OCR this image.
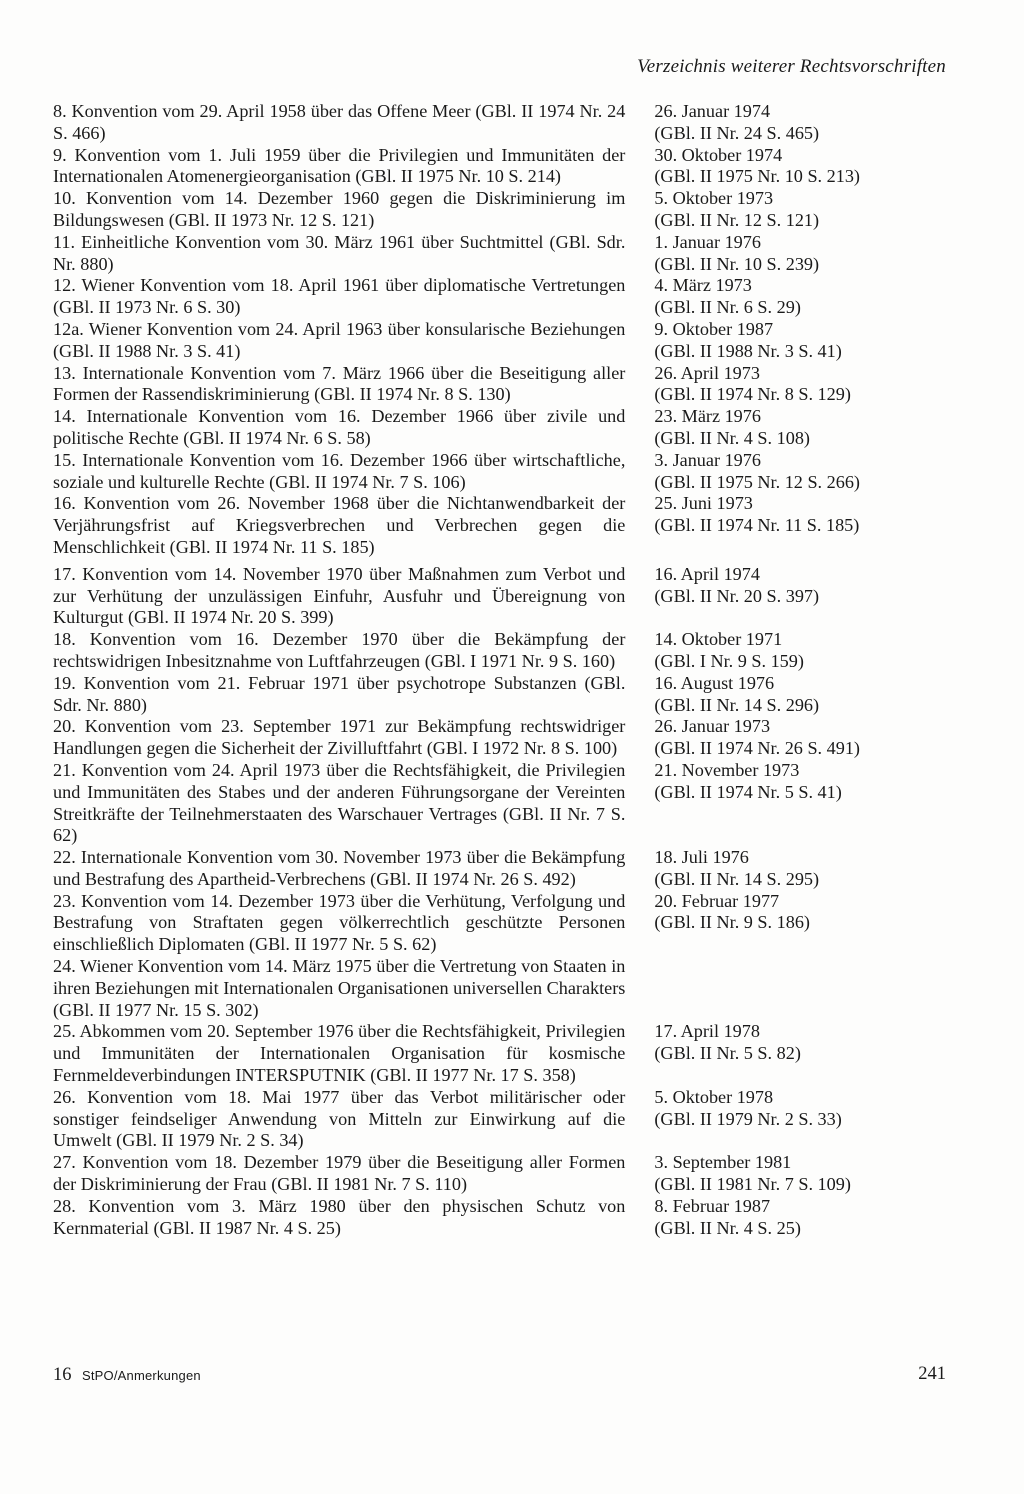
Verzeichnis weiterer Rechtsvorschriften
8. Konvention vom 29. April 1958 über das Offene Meer (GBl. II 1974 Nr. 24 S. 466)
26. Januar 1974
(GBl. II Nr. 24 S. 465)
9. Konvention vom 1. Juli 1959 über die Privilegien und Immunitäten der Internationalen Atomenergieorganisation (GBl. II 1975 Nr. 10 S. 214)
30. Oktober 1974
(GBl. II 1975 Nr. 10 S. 213)
10. Konvention vom 14. Dezember 1960 gegen die Diskriminierung im Bildungswesen (GBl. II 1973 Nr. 12 S. 121)
5. Oktober 1973
(GBl. II Nr. 12 S. 121)
11. Einheitliche Konvention vom 30. März 1961 über Suchtmittel (GBl. Sdr. Nr. 880)
1. Januar 1976
(GBl. II Nr. 10 S. 239)
12. Wiener Konvention vom 18. April 1961 über diplomatische Vertretungen (GBl. II 1973 Nr. 6 S. 30)
4. März 1973
(GBl. II Nr. 6 S. 29)
12a. Wiener Konvention vom 24. April 1963 über konsularische Beziehungen (GBl. II 1988 Nr. 3 S. 41)
9. Oktober 1987
(GBl. II 1988 Nr. 3 S. 41)
13. Internationale Konvention vom 7. März 1966 über die Beseitigung aller Formen der Rassendiskriminierung (GBl. II 1974 Nr. 8 S. 130)
26. April 1973
(GBl. II 1974 Nr. 8 S. 129)
14. Internationale Konvention vom 16. Dezember 1966 über zivile und politische Rechte (GBl. II 1974 Nr. 6 S. 58)
23. März 1976
(GBl. II Nr. 4 S. 108)
15. Internationale Konvention vom 16. Dezember 1966 über wirtschaftliche, soziale und kulturelle Rechte (GBl. II 1974 Nr. 7 S. 106)
3. Januar 1976
(GBl. II 1975 Nr. 12 S. 266)
16. Konvention vom 26. November 1968 über die Nichtanwendbarkeit der Verjährungsfrist auf Kriegsverbrechen und Verbrechen gegen die Menschlichkeit (GBl. II 1974 Nr. 11 S. 185)
25. Juni 1973
(GBl. II 1974 Nr. 11 S. 185)
17. Konvention vom 14. November 1970 über Maßnahmen zum Verbot und zur Verhütung der unzulässigen Einfuhr, Ausfuhr und Übereignung von Kulturgut (GBl. II 1974 Nr. 20 S. 399)
16. April 1974
(GBl. II Nr. 20 S. 397)
18. Konvention vom 16. Dezember 1970 über die Bekämpfung der rechtswidrigen Inbesitznahme von Luftfahrzeugen (GBl. I 1971 Nr. 9 S. 160)
14. Oktober 1971
(GBl. I Nr. 9 S. 159)
19. Konvention vom 21. Februar 1971 über psychotrope Substanzen (GBl. Sdr. Nr. 880)
16. August 1976
(GBl. II Nr. 14 S. 296)
20. Konvention vom 23. September 1971 zur Bekämpfung rechtswidriger Handlungen gegen die Sicherheit der Zivilluftfahrt (GBl. I 1972 Nr. 8 S. 100)
26. Januar 1973
(GBl. II 1974 Nr. 26 S. 491)
21. Konvention vom 24. April 1973 über die Rechtsfähigkeit, die Privilegien und Immunitäten des Stabes und der anderen Führungsorgane der Vereinten Streitkräfte der Teilnehmerstaaten des Warschauer Vertrages (GBl. II Nr. 7 S. 62)
21. November 1973
(GBl. II 1974 Nr. 5 S. 41)
22. Internationale Konvention vom 30. November 1973 über die Bekämpfung und Bestrafung des Apartheid-Verbrechens (GBl. II 1974 Nr. 26 S. 492)
18. Juli 1976
(GBl. II Nr. 14 S. 295)
23. Konvention vom 14. Dezember 1973 über die Verhütung, Verfolgung und Bestrafung von Straftaten gegen völkerrechtlich geschützte Personen einschließlich Diplomaten (GBl. II 1977 Nr. 5 S. 62)
20. Februar 1977
(GBl. II Nr. 9 S. 186)
24. Wiener Konvention vom 14. März 1975 über die Vertretung von Staaten in ihren Beziehungen mit Internationalen Organisationen universellen Charakters (GBl. II 1977 Nr. 15 S. 302)
25. Abkommen vom 20. September 1976 über die Rechtsfähigkeit, Privilegien und Immunitäten der Internationalen Organisation für kosmische Fernmeldeverbindungen INTERSPUTNIK (GBl. II 1977 Nr. 17 S. 358)
17. April 1978
(GBl. II Nr. 5 S. 82)
26. Konvention vom 18. Mai 1977 über das Verbot militärischer oder sonstiger feindseliger Anwendung von Mitteln zur Einwirkung auf die Umwelt (GBl. II 1979 Nr. 2 S. 34)
5. Oktober 1978
(GBl. II 1979 Nr. 2 S. 33)
27. Konvention vom 18. Dezember 1979 über die Beseitigung aller Formen der Diskriminierung der Frau (GBl. II 1981 Nr. 7 S. 110)
3. September 1981
(GBl. II 1981 Nr. 7 S. 109)
28. Konvention vom 3. März 1980 über den physischen Schutz von Kernmaterial (GBl. II 1987 Nr. 4 S. 25)
8. Februar 1987
(GBl. II Nr. 4 S. 25)
16 StPO/Anmerkungen	241
